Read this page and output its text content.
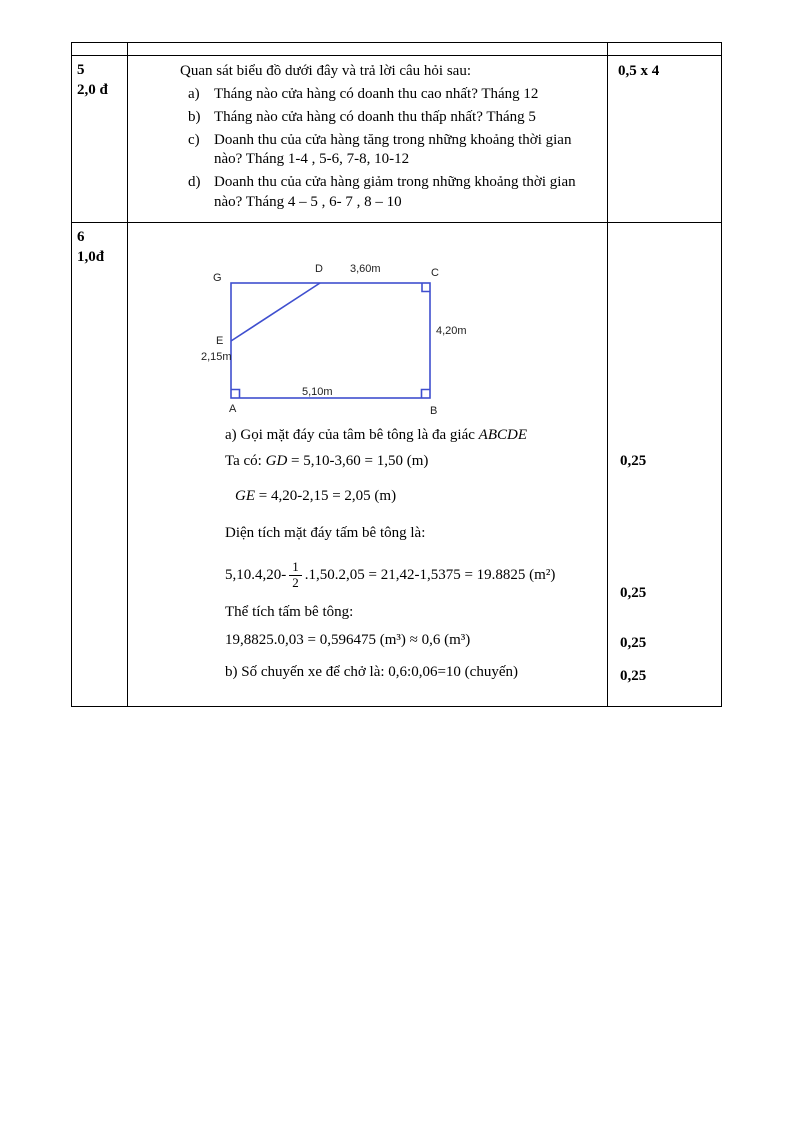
5
2,0 đ
Quan sát biểu đồ dưới đây và trả lời câu hỏi sau:
a) Tháng nào cửa hàng có doanh thu cao nhất? Tháng 12
b) Tháng nào cửa hàng có doanh thu thấp nhất? Tháng 5
c) Doanh thu của cửa hàng tăng trong những khoảng thời gian nào? Tháng 1-4 , 5-6, 7-8, 10-12
d) Doanh thu của cửa hàng giảm trong những khoảng thời gian nào? Tháng 4 – 5 , 6- 7 , 8 – 10
0,5 x 4
6
1,0đ
G
D 3,60m	C
4,20m
E
2,15m
A
5,10m
B
a) Gọi mặt đáy của tâm bê tông là đa giác ABCDE
Ta có: GD = 5,10-3,60 = 1,50 (m)
GE = 4,20-2,15 = 2,05 (m)
Diện tích mặt đáy tấm bê tông là:
$5,10.4,20- \frac{1}{2} .1,50.2,05 = 21,42-1,5375 = 19.8825$ (m²)
Thể tích tấm bê tông:
19,8825.0,03 = 0,596475 (m³) ≈ 0,6 (m³)
b) Số chuyến xe để chở là: 0,6:0,06=10 (chuyến)
0,25
0,25
0,25
0,25
